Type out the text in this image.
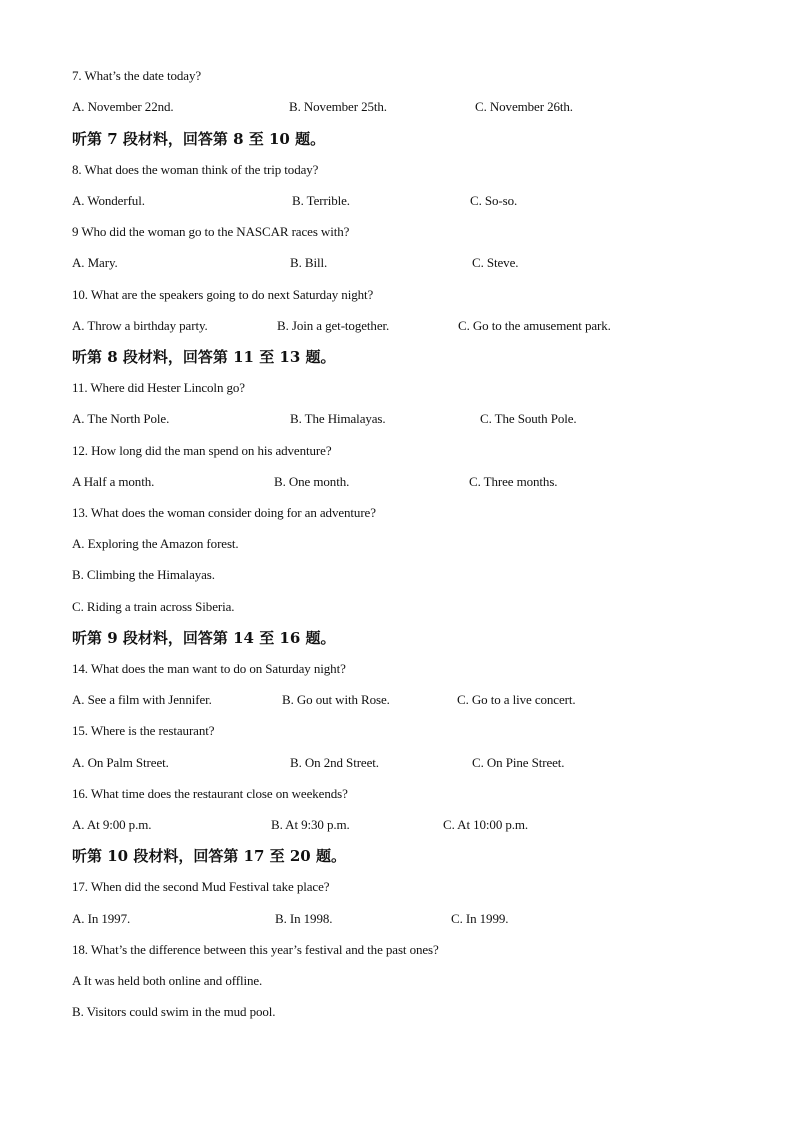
7. What’s the date today?
A. November 22nd.	B. November 25th.	C. November 26th.
听第 7 段材料，回答第 8 至 10 题。
8. What does the woman think of the trip today?
A. Wonderful.	B. Terrible.	C. So-so.
9 Who did the woman go to the NASCAR races with?
A. Mary.	B. Bill.	C. Steve.
10. What are the speakers going to do next Saturday night?
A. Throw a birthday party.	B. Join a get-together.	C. Go to the amusement park.
听第 8 段材料，回答第 11 至 13 题。
11. Where did Hester Lincoln go?
A. The North Pole.	B. The Himalayas.	C. The South Pole.
12. How long did the man spend on his adventure?
A Half a month.	B. One month.	C. Three months.
13. What does the woman consider doing for an adventure?
A. Exploring the Amazon forest.
B. Climbing the Himalayas.
C. Riding a train across Siberia.
听第 9 段材料，回答第 14 至 16 题。
14. What does the man want to do on Saturday night?
A. See a film with Jennifer.	B. Go out with Rose.	C. Go to a live concert.
15. Where is the restaurant?
A. On Palm Street.	B. On 2nd Street.	C. On Pine Street.
16. What time does the restaurant close on weekends?
A. At 9:00 p.m.	B. At 9:30 p.m.	C. At 10:00 p.m.
听第 10 段材料，回答第 17 至 20 题。
17. When did the second Mud Festival take place?
A. In 1997.	B. In 1998.	C. In 1999.
18. What’s the difference between this year’s festival and the past ones?
A It was held both online and offline.
B. Visitors could swim in the mud pool.
